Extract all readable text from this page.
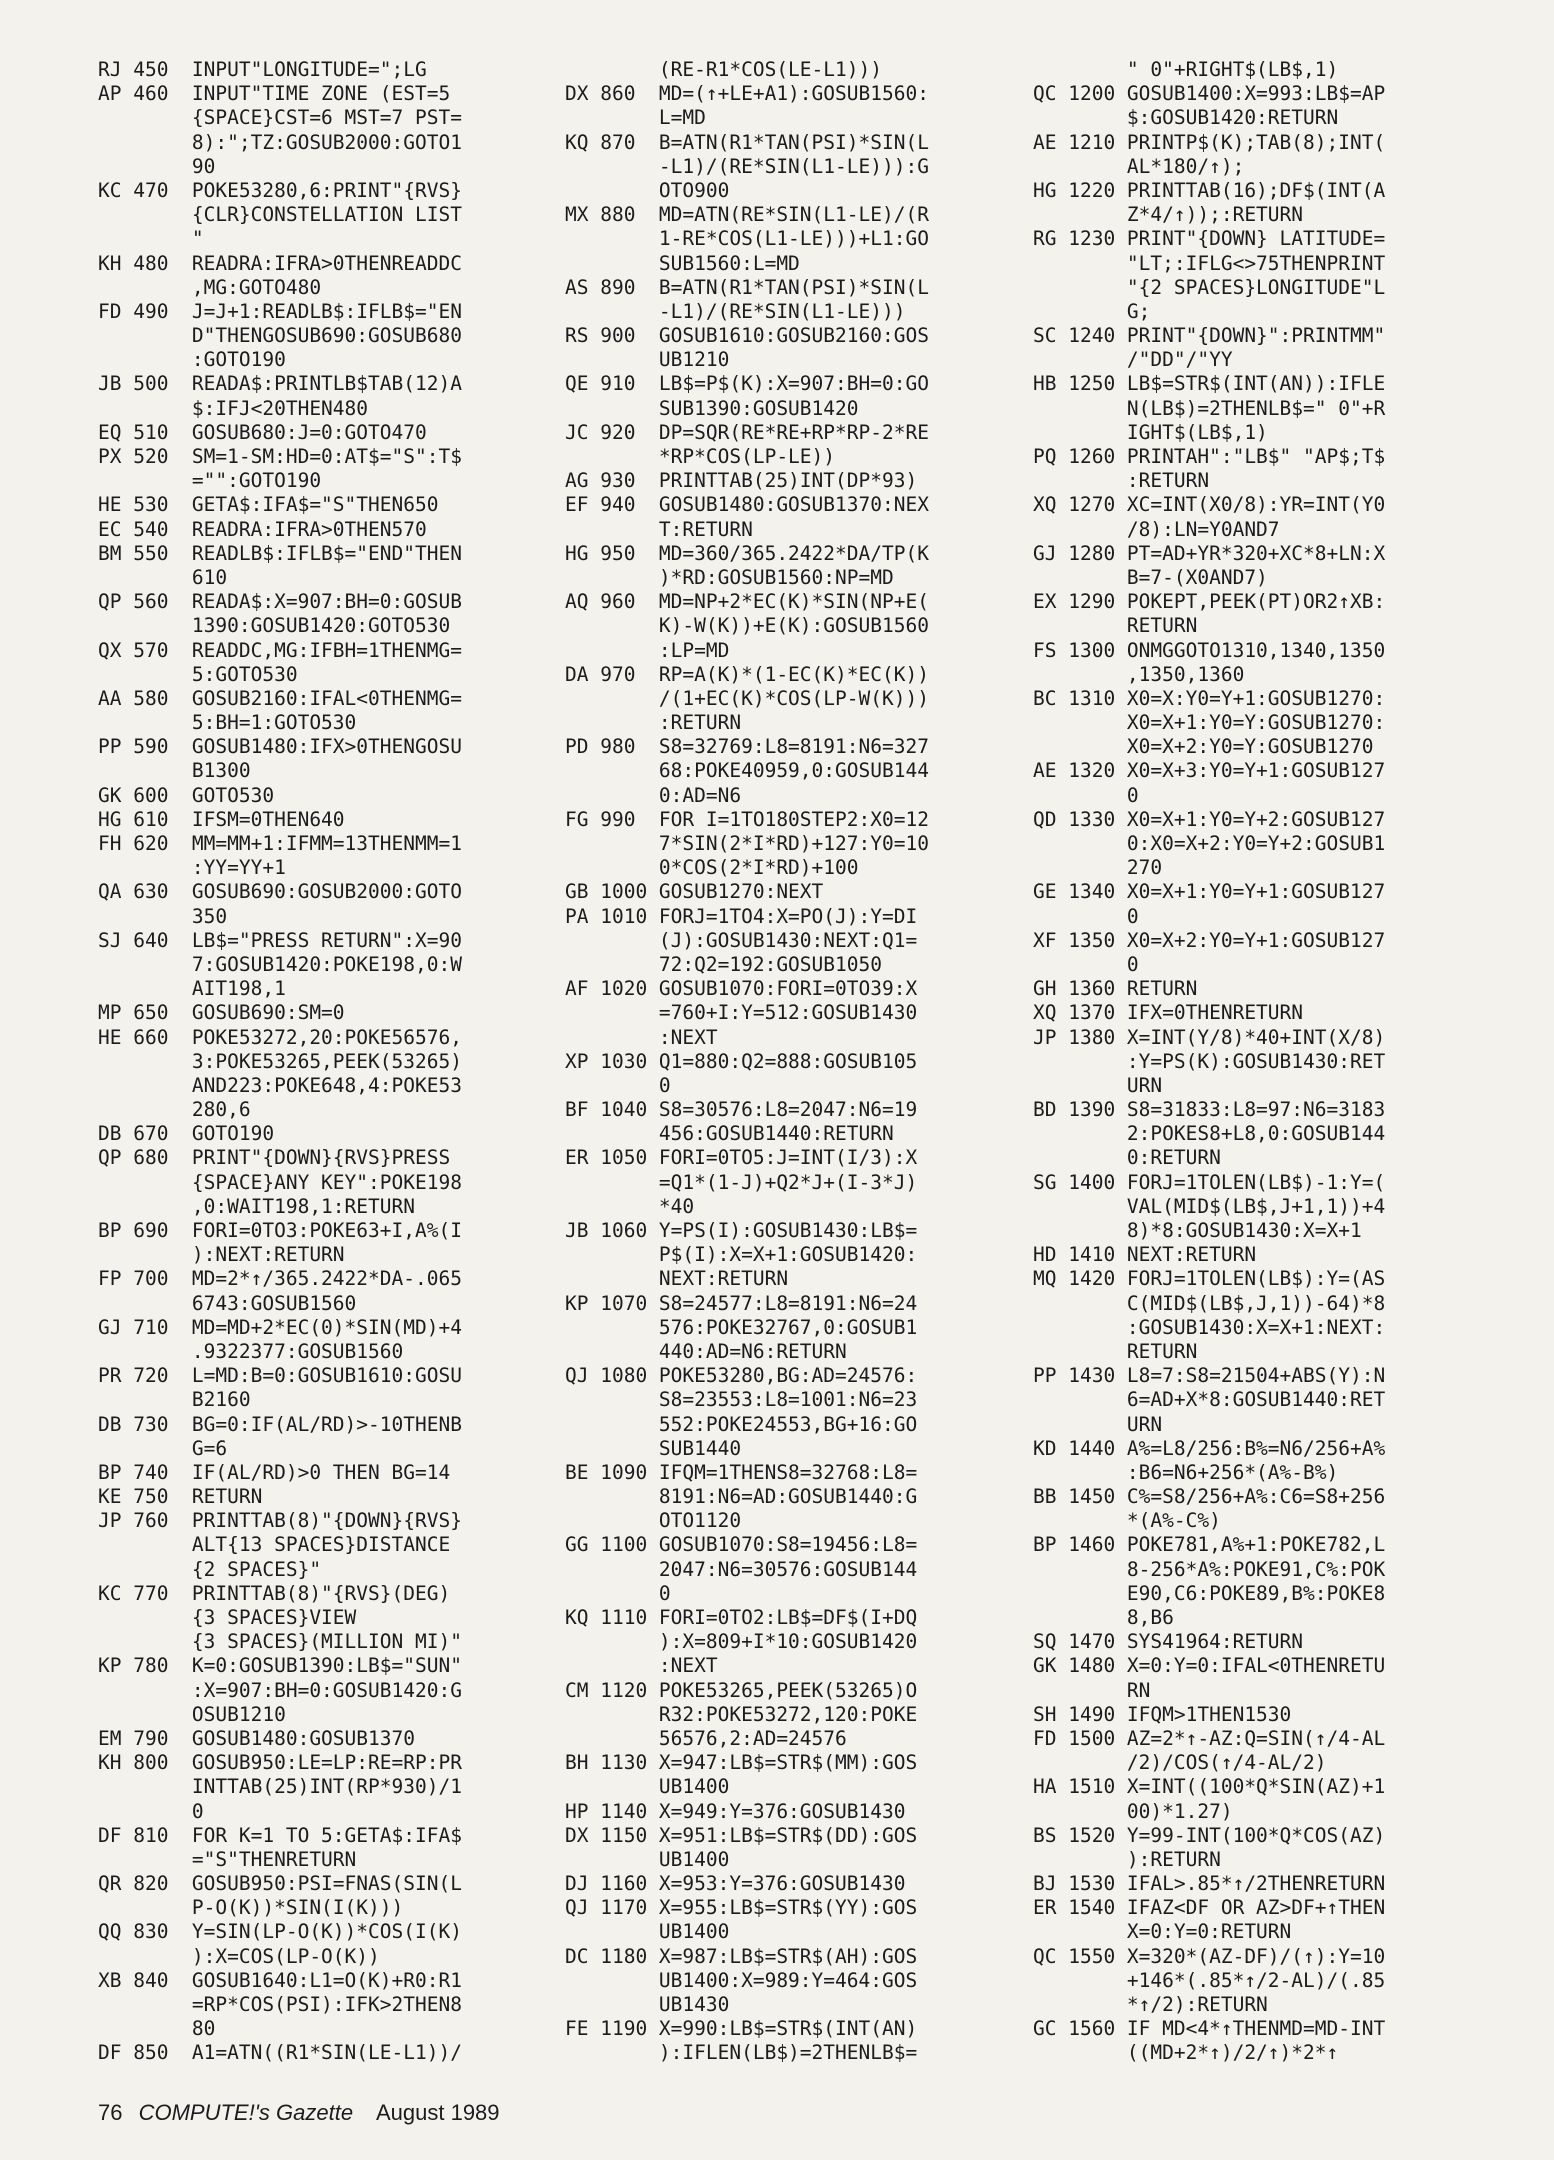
RJ 450  INPUT"LONGITUDE=";LG
AP 460  INPUT"TIME ZONE (EST=5
{SPACE}CST=6 MST=7 PST=
8):";TZ:GOSUB2000:GOTO1
90
KC 470  POKE53280,6:PRINT"{RVS}
{CLR}CONSTELLATION LIST
"
KH 480  READRA:IFRA>0THENREADDC
,MG:GOTO480
FD 490  J=J+1:READLB$:IFLB$="EN
D"THENGOSUB690:GOSUB680
:GOTO190
JB 500  READA$:PRINTLB$TAB(12)A
$:IFJ<20THEN480
EQ 510  GOSUB680:J=0:GOTO470
PX 520  SM=1-SM:HD=0:AT$="S":T$
="":GOTO190
HE 530  GETA$:IFA$="S"THEN650
EC 540  READRA:IFRA>0THEN570
BM 550  READLB$:IFLB$="END"THEN
610
QP 560  READA$:X=907:BH=0:GOSUB
1390:GOSUB1420:GOTO530
QX 570  READDC,MG:IFBH=1THENMG=
5:GOTO530
AA 580  GOSUB2160:IFAL<0THENMG=
5:BH=1:GOTO530
PP 590  GOSUB1480:IFX>0THENGOSU
B1300
GK 600  GOTO530
HG 610  IFSM=0THEN640
FH 620  MM=MM+1:IFMM=13THENMM=1
:YY=YY+1
QA 630  GOSUB690:GOSUB2000:GOTO
350
SJ 640  LB$="PRESS RETURN":X=90
7:GOSUB1420:POKE198,0:W
AIT198,1
MP 650  GOSUB690:SM=0
HE 660  POKE53272,20:POKE56576,
3:POKE53265,PEEK(53265)
AND223:POKE648,4:POKE53
280,6
DB 670  GOTO190
QP 680  PRINT"{DOWN}{RVS}PRESS
{SPACE}ANY KEY":POKE198
,0:WAIT198,1:RETURN
BP 690  FORI=0TO3:POKE63+I,A%(I
):NEXT:RETURN
FP 700  MD=2*↑/365.2422*DA-.065
6743:GOSUB1560
GJ 710  MD=MD+2*EC(0)*SIN(MD)+4
.9322377:GOSUB1560
PR 720  L=MD:B=0:GOSUB1610:GOSU
B2160
DB 730  BG=0:IF(AL/RD)>-10THENB
G=6
BP 740  IF(AL/RD)>0 THEN BG=14
KE 750  RETURN
JP 760  PRINTTAB(8)"{DOWN}{RVS}
ALT{13 SPACES}DISTANCE
{2 SPACES}"
KC 770  PRINTTAB(8)"{RVS}(DEG)
{3 SPACES}VIEW
{3 SPACES}(MILLION MI)"
KP 780  K=0:GOSUB1390:LB$="SUN"
:X=907:BH=0:GOSUB1420:G
OSUB1210
EM 790  GOSUB1480:GOSUB1370
KH 800  GOSUB950:LE=LP:RE=RP:PR
INTTAB(25)INT(RP*930)/1
0
DF 810  FOR K=1 TO 5:GETA$:IFA$
="S"THENRETURN
QR 820  GOSUB950:PSI=FNAS(SIN(L
P-O(K))*SIN(I(K)))
QQ 830  Y=SIN(LP-O(K))*COS(I(K)
):X=COS(LP-O(K))
XB 840  GOSUB1640:L1=O(K)+R0:R1
=RP*COS(PSI):IFK>2THEN8
80
DF 850  A1=ATN((R1*SIN(LE-L1))/
(RE-R1*COS(LE-L1)))
DX 860  MD=(↑+LE+A1):GOSUB1560:
L=MD
KQ 870  B=ATN(R1*TAN(PSI)*SIN(L
-L1)/(RE*SIN(L1-LE))):G
OTO900
MX 880  MD=ATN(RE*SIN(L1-LE)/(R
1-RE*COS(L1-LE)))+L1:GO
SUB1560:L=MD
AS 890  B=ATN(R1*TAN(PSI)*SIN(L
-L1)/(RE*SIN(L1-LE)))
RS 900  GOSUB1610:GOSUB2160:GOS
UB1210
QE 910  LB$=P$(K):X=907:BH=0:GO
SUB1390:GOSUB1420
JC 920  DP=SQR(RE*RE+RP*RP-2*RE
*RP*COS(LP-LE))
AG 930  PRINTTAB(25)INT(DP*93)
EF 940  GOSUB1480:GOSUB1370:NEX
T:RETURN
HG 950  MD=360/365.2422*DA/TP(K
)*RD:GOSUB1560:NP=MD
AQ 960  MD=NP+2*EC(K)*SIN(NP+E(
K)-W(K))+E(K):GOSUB1560
:LP=MD
DA 970  RP=A(K)*(1-EC(K)*EC(K))
/(1+EC(K)*COS(LP-W(K)))
:RETURN
PD 980  S8=32769:L8=8191:N6=327
68:POKE40959,0:GOSUB144
0:AD=N6
FG 990  FOR I=1TO180STEP2:X0=12
7*SIN(2*I*RD)+127:Y0=10
0*COS(2*I*RD)+100
GB 1000 GOSUB1270:NEXT
PA 1010 FORJ=1TO4:X=PO(J):Y=DI
(J):GOSUB1430:NEXT:Q1=
72:Q2=192:GOSUB1050
AF 1020 GOSUB1070:FORI=0TO39:X
=760+I:Y=512:GOSUB1430
:NEXT
XP 1030 Q1=880:Q2=888:GOSUB105
0
BF 1040 S8=30576:L8=2047:N6=19
456:GOSUB1440:RETURN
ER 1050 FORI=0TO5:J=INT(I/3):X
=Q1*(1-J)+Q2*J+(I-3*J)
*40
JB 1060 Y=PS(I):GOSUB1430:LB$=
P$(I):X=X+1:GOSUB1420:
NEXT:RETURN
KP 1070 S8=24577:L8=8191:N6=24
576:POKE32767,0:GOSUB1
440:AD=N6:RETURN
QJ 1080 POKE53280,BG:AD=24576:
S8=23553:L8=1001:N6=23
552:POKE24553,BG+16:GO
SUB1440
BE 1090 IFQM=1THENS8=32768:L8=
8191:N6=AD:GOSUB1440:G
OTO1120
GG 1100 GOSUB1070:S8=19456:L8=
2047:N6=30576:GOSUB144
0
KQ 1110 FORI=0TO2:LB$=DF$(I+DQ
):X=809+I*10:GOSUB1420
:NEXT
CM 1120 POKE53265,PEEK(53265)O
R32:POKE53272,120:POKE
56576,2:AD=24576
BH 1130 X=947:LB$=STR$(MM):GOS
UB1400
HP 1140 X=949:Y=376:GOSUB1430
DX 1150 X=951:LB$=STR$(DD):GOS
UB1400
DJ 1160 X=953:Y=376:GOSUB1430
QJ 1170 X=955:LB$=STR$(YY):GOS
UB1400
DC 1180 X=987:LB$=STR$(AH):GOS
UB1400:X=989:Y=464:GOS
UB1430
FE 1190 X=990:LB$=STR$(INT(AN)
):IFLEN(LB$)=2THENLB$=
" 0"+RIGHT$(LB$,1)
QC 1200 GOSUB1400:X=993:LB$=AP
$:GOSUB1420:RETURN
AE 1210 PRINTP$(K);TAB(8);INT(
AL*180/↑);
HG 1220 PRINTTAB(16);DF$(INT(A
Z*4/↑));:RETURN
RG 1230 PRINT"{DOWN} LATITUDE=
"LT;:IFLG<>75THENPRINT
"{2 SPACES}LONGITUDE"L
G;
SC 1240 PRINT"{DOWN}":PRINTMM"
/"DD"/"YY
HB 1250 LB$=STR$(INT(AN)):IFLE
N(LB$)=2THENLB$=" 0"+R
IGHT$(LB$,1)
PQ 1260 PRINTAH":"LB$" "AP$;T$
:RETURN
XQ 1270 XC=INT(X0/8):YR=INT(Y0
/8):LN=Y0AND7
GJ 1280 PT=AD+YR*320+XC*8+LN:X
B=7-(X0AND7)
EX 1290 POKEPT,PEEK(PT)OR2↑XB:
RETURN
FS 1300 ONMGGOTO1310,1340,1350
,1350,1360
BC 1310 X0=X:Y0=Y+1:GOSUB1270:
X0=X+1:Y0=Y:GOSUB1270:
X0=X+2:Y0=Y:GOSUB1270
AE 1320 X0=X+3:Y0=Y+1:GOSUB127
0
QD 1330 X0=X+1:Y0=Y+2:GOSUB127
0:X0=X+2:Y0=Y+2:GOSUB1
270
GE 1340 X0=X+1:Y0=Y+1:GOSUB127
0
XF 1350 X0=X+2:Y0=Y+1:GOSUB127
0
GH 1360 RETURN
XQ 1370 IFX=0THENRETURN
JP 1380 X=INT(Y/8)*40+INT(X/8)
:Y=PS(K):GOSUB1430:RET
URN
BD 1390 S8=31833:L8=97:N6=3183
2:POKES8+L8,0:GOSUB144
0:RETURN
SG 1400 FORJ=1TOLEN(LB$)-1:Y=(
VAL(MID$(LB$,J+1,1))+4
8)*8:GOSUB1430:X=X+1
HD 1410 NEXT:RETURN
MQ 1420 FORJ=1TOLEN(LB$):Y=(AS
C(MID$(LB$,J,1))-64)*8
:GOSUB1430:X=X+1:NEXT:
RETURN
PP 1430 L8=7:S8=21504+ABS(Y):N
6=AD+X*8:GOSUB1440:RET
URN
KD 1440 A%=L8/256:B%=N6/256+A%
:B6=N6+256*(A%-B%)
BB 1450 C%=S8/256+A%:C6=S8+256
*(A%-C%)
BP 1460 POKE781,A%+1:POKE782,L
8-256*A%:POKE91,C%:POK
E90,C6:POKE89,B%:POKE8
8,B6
SQ 1470 SYS41964:RETURN
GK 1480 X=0:Y=0:IFAL<0THENRETU
RN
SH 1490 IFQM>1THEN1530
FD 1500 AZ=2*↑-AZ:Q=SIN(↑/4-AL
/2)/COS(↑/4-AL/2)
HA 1510 X=INT((100*Q*SIN(AZ)+1
00)*1.27)
BS 1520 Y=99-INT(100*Q*COS(AZ)
):RETURN
BJ 1530 IFAL>.85*↑/2THENRETURN
ER 1540 IFAZ<DF OR AZ>DF+↑THEN
X=0:Y=0:RETURN
QC 1550 X=320*(AZ-DF)/(↑):Y=10
+146*(.85*↑/2-AL)/(.85
*↑/2):RETURN
GC 1560 IF MD<4*↑THENMD=MD-INT
((MD+2*↑)/2/↑)*2*↑
76 COMPUTE!'s Gazette August 1989
